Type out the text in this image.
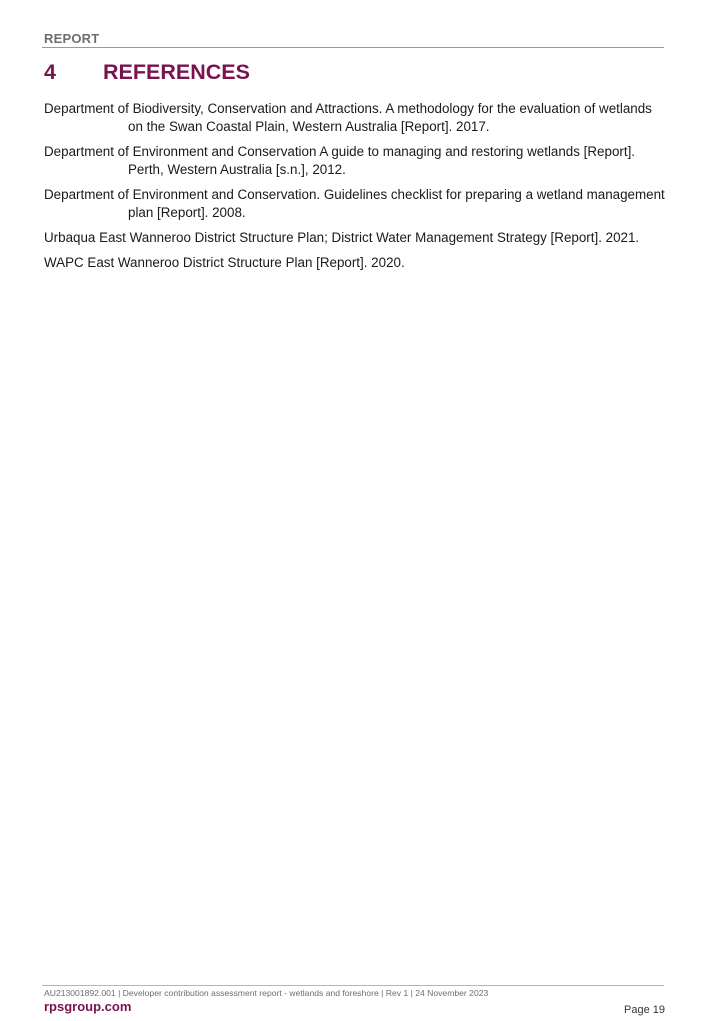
REPORT
4	REFERENCES
Department of Biodiversity, Conservation and Attractions. A methodology for the evaluation of wetlands on the Swan Coastal Plain, Western Australia [Report]. 2017.
Department of Environment and Conservation A guide to managing and restoring wetlands [Report]. Perth, Western Australia [s.n.], 2012.
Department of Environment and Conservation. Guidelines checklist for preparing a wetland management plan [Report]. 2008.
Urbaqua East Wanneroo District Structure Plan; District Water Management Strategy [Report]. 2021.
WAPC East Wanneroo District Structure Plan [Report]. 2020.
AU213001892.001 | Developer contribution assessment report - wetlands and foreshore | Rev 1 | 24 November 2023
rpsgroup.com	Page 19
